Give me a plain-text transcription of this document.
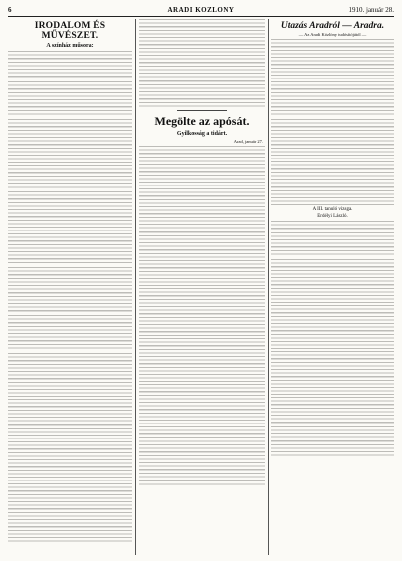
6	ARADI KOZLONY	1910. január 28.
IRODALOM ÉS MŰVÉSZET.
A színház műsora:
Megölte az apósát.
Gyilkosság a tidárt.
Arad, január 27.
Utazás Aradról — Aradra.
— Az Aradi Közlöny tudósítójától —
A III. tanuló vizsga.
Erdélyi László.
